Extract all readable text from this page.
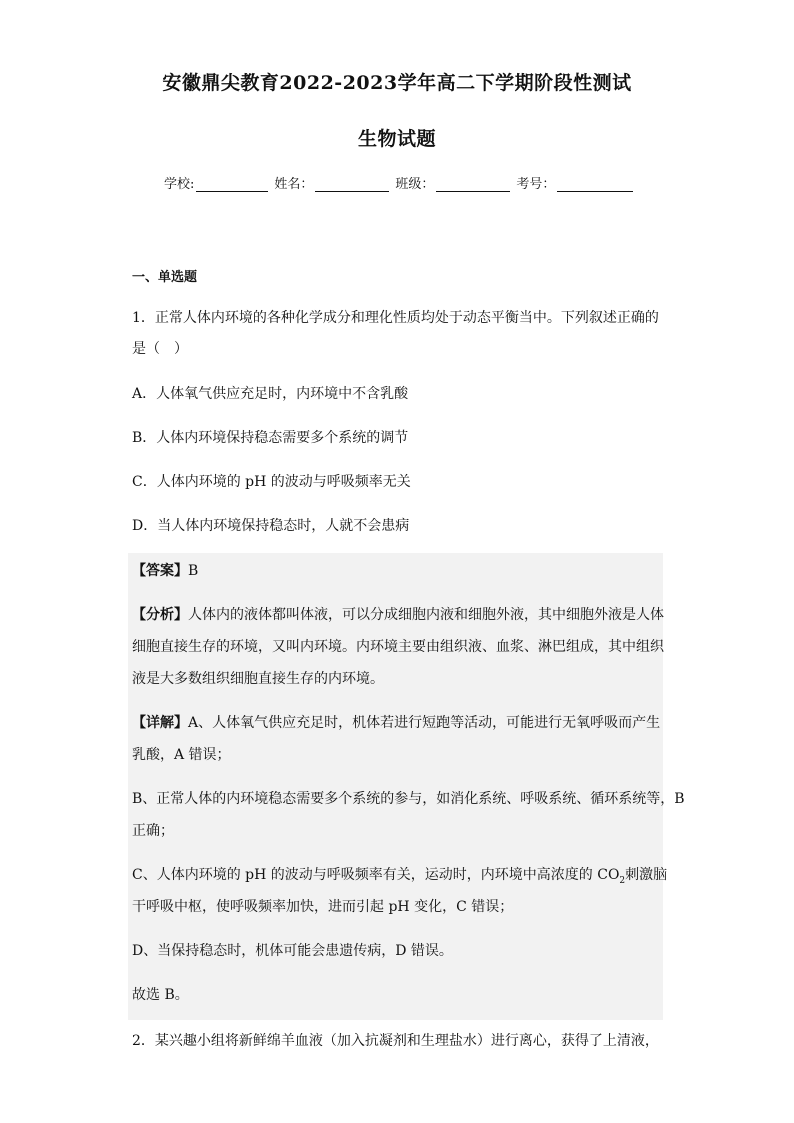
安徽鼎尖教育2022-2023学年高二下学期阶段性测试
生物试题
学校:	姓名：	班级：	考号：
一、单选题
1．正常人体内环境的各种化学成分和理化性质均处于动态平衡当中。下列叙述正确的
是（　）
A．人体氧气供应充足时，内环境中不含乳酸
B．人体内环境保持稳态需要多个系统的调节
C．人体内环境的 pH 的波动与呼吸频率无关
D．当人体内环境保持稳态时，人就不会患病
【答案】B
【分析】人体内的液体都叫体液，可以分成细胞内液和细胞外液，其中细胞外液是人体
细胞直接生存的环境，又叫内环境。内环境主要由组织液、血浆、淋巴组成，其中组织
液是大多数组织细胞直接生存的内环境。
【详解】A、人体氧气供应充足时，机体若进行短跑等活动，可能进行无氧呼吸而产生
乳酸，A 错误；
B、正常人体的内环境稳态需要多个系统的参与，如消化系统、呼吸系统、循环系统等，B
正确；
C、人体内环境的 pH 的波动与呼吸频率有关，运动时，内环境中高浓度的 $CO_2$刺激脑
干呼吸中枢，使呼吸频率加快，进而引起 pH 变化，C 错误；
D、当保持稳态时，机体可能会患遗传病，D 错误。
故选 B。
2．某兴趣小组将新鲜绵羊血液（加入抗凝剂和生理盐水）进行离心，获得了上清液，
